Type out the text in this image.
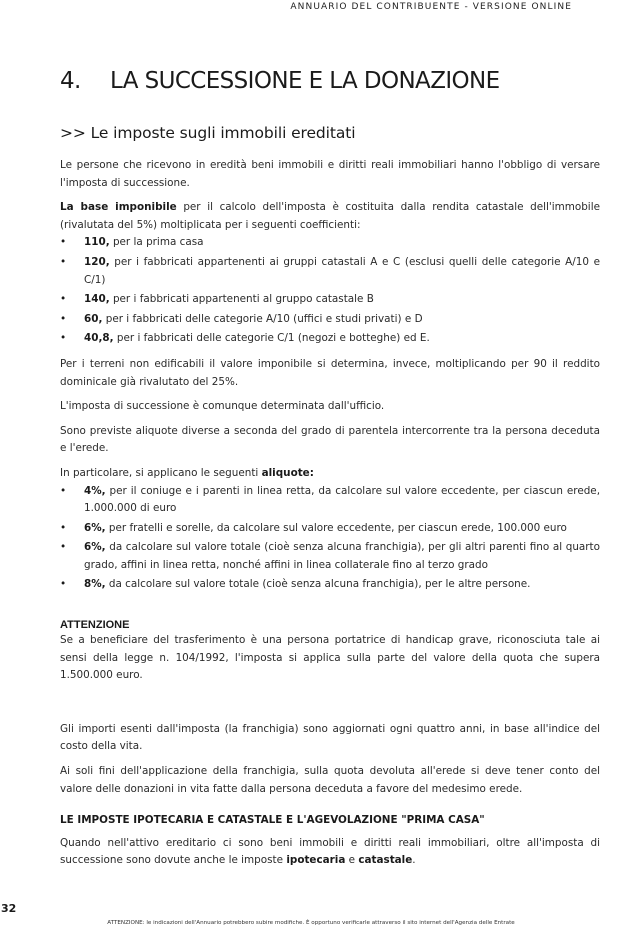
ANNUARIO DEL CONTRIBUENTE - VERSIONE ONLINE
4. LA SUCCESSIONE E LA DONAZIONE
>> Le imposte sugli immobili ereditati

Le persone che ricevono in eredità beni immobili e diritti reali immobiliari hanno l'obbligo di versare l'imposta di successione.

La base imponibile per il calcolo dell'imposta è costituita dalla rendita catastale dell'immobile (rivalutata del 5%) moltiplicata per i seguenti coefficienti:

• 110, per la prima casa
• 120, per i fabbricati appartenenti ai gruppi catastali A e C (esclusi quelli delle categorie A/10 e C/1)
• 140, per i fabbricati appartenenti al gruppo catastale B
• 60, per i fabbricati delle categorie A/10 (uffici e studi privati) e D
• 40,8, per i fabbricati delle categorie C/1 (negozi e botteghe) ed E.

Per i terreni non edificabili il valore imponibile si determina, invece, moltiplicando per 90 il reddito dominicale già rivalutato del 25%.

L'imposta di successione è comunque determinata dall'ufficio.

Sono previste aliquote diverse a seconda del grado di parentela intercorrente tra la persona deceduta e l'erede.

In particolare, si applicano le seguenti aliquote:

• 4%, per il coniuge e i parenti in linea retta, da calcolare sul valore eccedente, per ciascun erede, 1.000.000 di euro
• 6%, per fratelli e sorelle, da calcolare sul valore eccedente, per ciascun erede, 100.000 euro
• 6%, da calcolare sul valore totale (cioè senza alcuna franchigia), per gli altri parenti fino al quarto grado, affini in linea retta, nonché affini in linea collaterale fino al terzo grado
• 8%, da calcolare sul valore totale (cioè senza alcuna franchigia), per le altre persone.
ATTENZIONE

Se a beneficiare del trasferimento è una persona portatrice di handicap grave, riconosciuta tale ai sensi della legge n. 104/1992, l'imposta si applica sulla parte del valore della quota che supera 1.500.000 euro.

Gli importi esenti dall'imposta (la franchigia) sono aggiornati ogni quattro anni, in base all'indice del costo della vita.

Ai soli fini dell'applicazione della franchigia, sulla quota devoluta all'erede si deve tener conto del valore delle donazioni in vita fatte dalla persona deceduta a favore del medesimo erede.

LE IMPOSTE IPOTECARIA E CATASTALE E L'AGEVOLAZIONE "PRIMA CASA"

Quando nell'attivo ereditario ci sono beni immobili e diritti reali immobiliari, oltre all'imposta di successione sono dovute anche le imposte ipotecaria e catastale.

32
ATTENZIONE: le indicazioni dell'Annuario potrebbero subire modifiche. È opportuno verificarle attraverso il sito internet dell'Agenzia delle Entrate
